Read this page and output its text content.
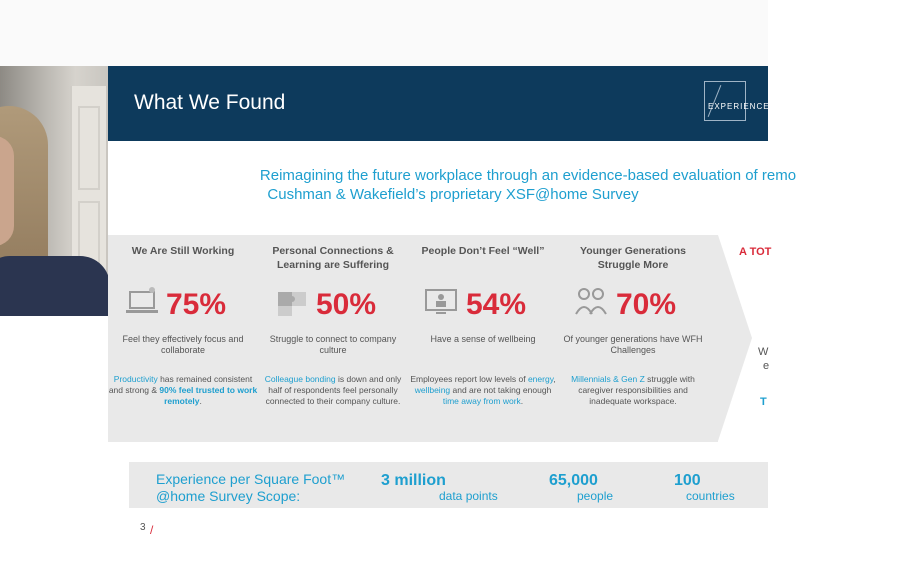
What We Found	EXPERIENCE
Reimagining the future workplace through an evidence-based evaluation of remo
Cushman & Wakefield’s proprietary XSF@home Survey
We Are Still Working
75%
Feel they effectively focus and collaborate
Productivity has remained consistent and strong & 90% feel trusted to work remotely.
Personal Connections & Learning are Suffering
50%
Struggle to connect to company culture
Colleague bonding is down and only half of respondents feel personally connected to their company culture.
People Don’t Feel “Well”
54%
Have a sense of wellbeing
Employees report low levels of energy, wellbeing and are not taking enough time away from work.
Younger Generations Struggle More
70%
Of younger generations have WFH Challenges
Millennials & Gen Z struggle with caregiver responsibilities and inadequate workspace.
A TOT
W
e
T
Experience per Square Foot™
@home Survey Scope:
3 million
data points
65,000
people
100
countries
3 /
